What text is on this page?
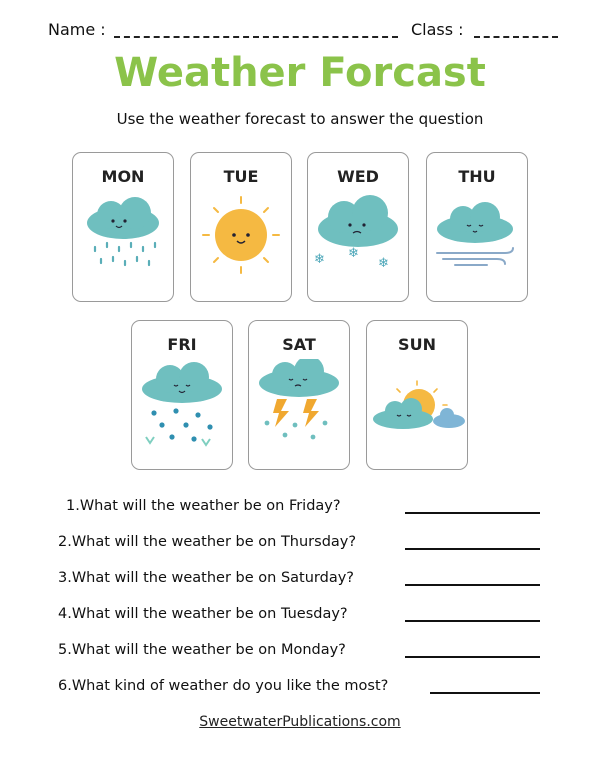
Name :	Class :
Weather Forcast
Use the weather forecast to answer the question
MON	TUE	WED
❄ ❄
❄
THU
FRI	SAT	SUN
1.What will the weather be on Friday?
2.What will the weather be on Thursday?
3.What will the weather be on Saturday?
4.What will the weather be on Tuesday?
5.What will the weather be on Monday?
6.What kind of weather do you like the most?
SweetwaterPublications.com
